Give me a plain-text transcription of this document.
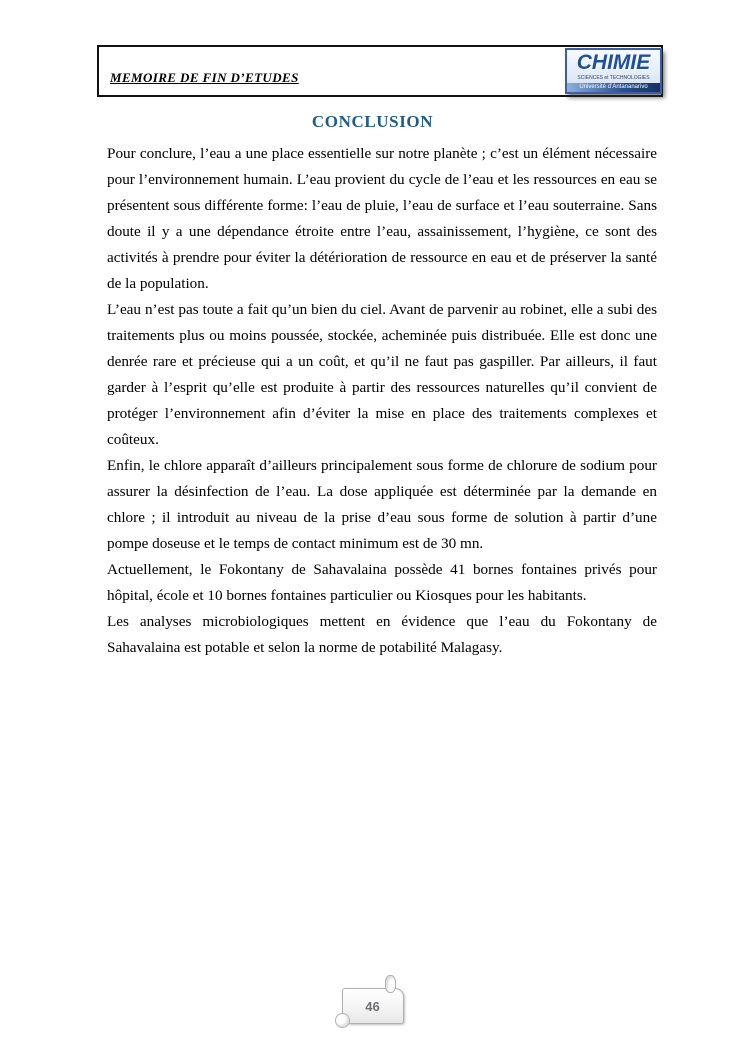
MEMOIRE DE FIN D’ETUDES
CHIMIE
SCIENCES et TECHNOLOGIES
Université d’Antananarivo
CONCLUSION

Pour conclure, l’eau a une place essentielle sur notre planète ; c’est un élément nécessaire pour l’environnement humain. L’eau provient du cycle de l’eau et les ressources en eau se présentent sous différente forme: l’eau de pluie, l’eau de surface et l’eau souterraine. Sans doute il y a une dépendance étroite entre l’eau, assainissement, l’hygiène, ce sont des activités à prendre pour éviter la détérioration de ressource en eau et de préserver la santé de la population.

L’eau n’est pas toute a fait qu’un bien du ciel. Avant de parvenir au robinet, elle a subi des traitements plus ou moins poussée, stockée, acheminée puis distribuée. Elle est donc une denrée rare et précieuse qui a un coût, et qu’il ne faut pas gaspiller. Par ailleurs, il faut garder à l’esprit qu’elle est produite à partir des ressources naturelles qu’il convient de protéger l’environnement afin d’éviter la mise en place des traitements complexes et coûteux.

Enfin, le chlore apparaît d’ailleurs principalement sous forme de chlorure de sodium pour assurer la désinfection de l’eau. La dose appliquée est déterminée par la demande en chlore ; il introduit au niveau de la prise d’eau sous forme de solution à partir d’une pompe doseuse et le temps de contact minimum est de 30 mn.

Actuellement, le Fokontany de Sahavalaina possède 41 bornes fontaines privés pour hôpital, école et 10 bornes fontaines particulier ou Kiosques pour les habitants.

Les analyses microbiologiques mettent en évidence que l’eau du Fokontany de Sahavalaina est potable et selon la norme de potabilité Malagasy.

46
